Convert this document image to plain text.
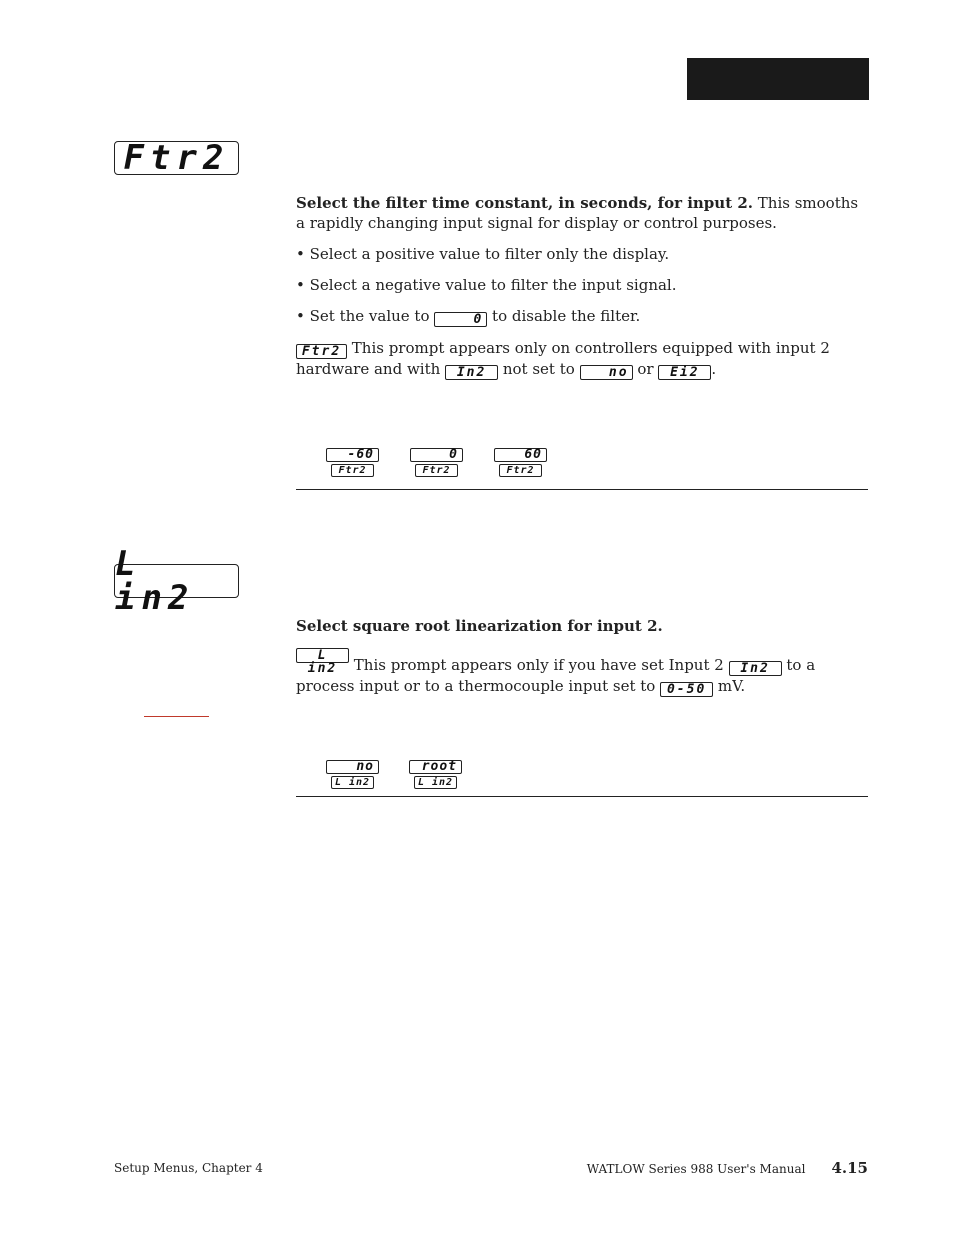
Ftr2

Select the filter time constant, in seconds, for input 2. This smooths a rapidly changing input signal for display or control purposes.

• Select a positive value to filter only the display.

• Select a negative value to filter the input signal.

• Set the value to	0 to disable the filter.

Ftr2 This prompt appears only on controllers equipped with input 2 hardware and with In2 not set to	no or Ei2 .

-60
Ftr2
0
Ftr2
60
Ftr2
L in2

Select square root linearization for input 2.

L in2 This prompt appears only if you have set Input 2 In2 to a process input or to a thermocouple input set to 0-50 mV.

no
L in2
root
L in2
Setup Menus, Chapter 4	WATLOW Series 988 User's Manual 4.15
